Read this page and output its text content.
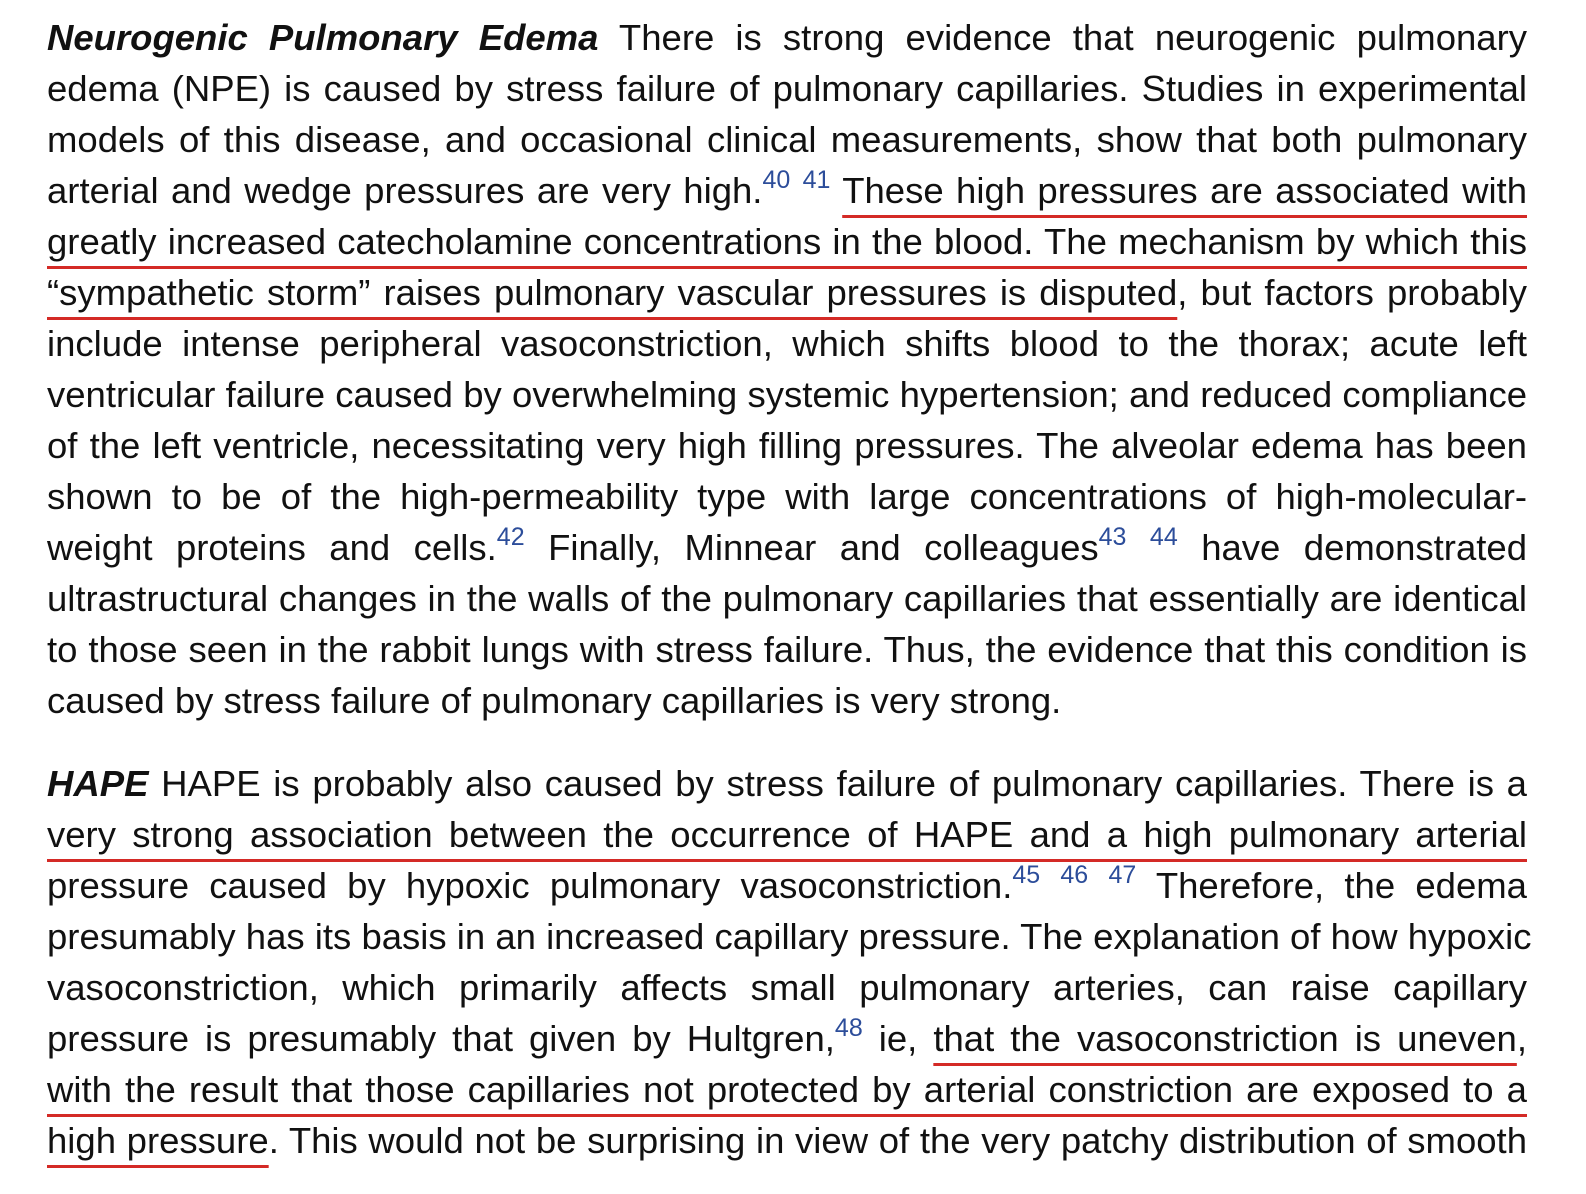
Neurogenic Pulmonary Edema There is strong evidence that neurogenic pulmonary
edema (NPE) is caused by stress failure of pulmonary capillaries. Studies in experimental
models of this disease, and occasional clinical measurements, show that both pulmonary
arterial and wedge pressures are very high.$^{40}$ $^{41}$ These high pressures are associated with
greatly increased catecholamine concentrations in the blood. The mechanism by which this
“sympathetic storm” raises pulmonary vascular pressures is disputed, but factors probably
include intense peripheral vasoconstriction, which shifts blood to the thorax; acute left
ventricular failure caused by overwhelming systemic hypertension; and reduced compliance
of the left ventricle, necessitating very high filling pressures. The alveolar edema has been
shown to be of the high-permeability type with large concentrations of high-molecular-
weight proteins and cells.$^{42}$ Finally, Minnear and colleagues$^{43}$ $^{44}$ have demonstrated
ultrastructural changes in the walls of the pulmonary capillaries that essentially are identical
to those seen in the rabbit lungs with stress failure. Thus, the evidence that this condition is
caused by stress failure of pulmonary capillaries is very strong.

HAPE HAPE is probably also caused by stress failure of pulmonary capillaries. There is a
very strong association between the occurrence of HAPE and a high pulmonary arterial
pressure caused by hypoxic pulmonary vasoconstriction.$^{45}$ $^{46}$ $^{47}$ Therefore, the edema
presumably has its basis in an increased capillary pressure. The explanation of how hypoxic
vasoconstriction, which primarily affects small pulmonary arteries, can raise capillary
pressure is presumably that given by Hultgren,$^{48}$ ie, that the vasoconstriction is uneven,
with the result that those capillaries not protected by arterial constriction are exposed to a
high pressure. This would not be surprising in view of the very patchy distribution of smooth
